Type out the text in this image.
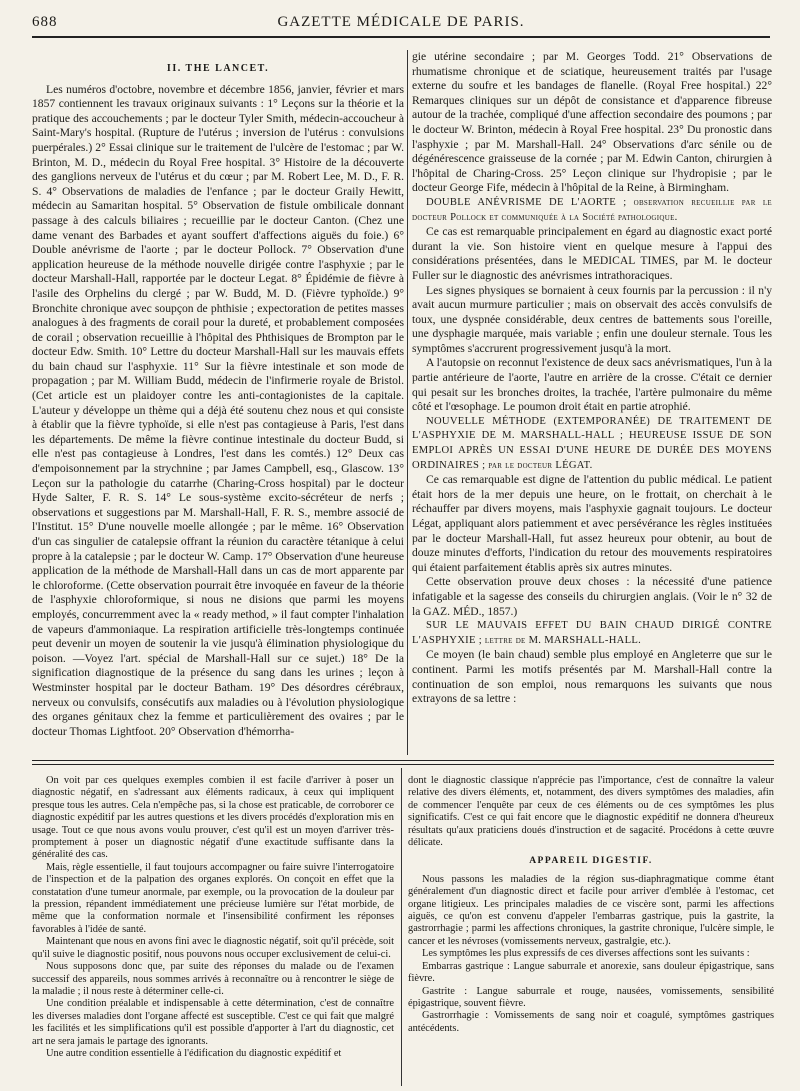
688	GAZETTE MÉDICALE DE PARIS.
II. THE LANCET.

Les numéros d'octobre, novembre et décembre 1856, janvier, février et mars 1857 contiennent les travaux originaux suivants : 1° Leçons sur la théorie et la pratique des accouchements ; par le docteur Tyler Smith, médecin-accoucheur à Saint-Mary's hospital. (Rupture de l'utérus ; inversion de l'utérus : convulsions puerpérales.) 2° Essai clinique sur le traitement de l'ulcère de l'estomac ; par W. Brinton, M. D., médecin du Royal Free hospital. 3° Histoire de la découverte des ganglions nerveux de l'utérus et du cœur ; par M. Robert Lee, M. D., F. R. S. 4° Observations de maladies de l'enfance ; par le docteur Graily Hewitt, médecin au Samaritan hospital. 5° Observation de fistule ombilicale donnant passage à des calculs biliaires ; recueillie par le docteur Canton. (Chez une dame venant des Barbades et ayant souffert d'affections aiguës du foie.) 6° Double anévrisme de l'aorte ; par le docteur Pollock. 7° Observation d'une application heureuse de la méthode nouvelle dirigée contre l'asphyxie ; par le docteur Marshall-Hall, rapportée par le docteur Legat. 8° Épidémie de fièvre à l'asile des Orphelins du clergé ; par W. Budd, M. D. (Fièvre typhoïde.) 9° Bronchite chronique avec soupçon de phthisie ; expectoration de petites masses analogues à des fragments de corail pour la dureté, et probablement composées de corail ; observation recueillie à l'hôpital des Phthisiques de Brompton par le docteur Edw. Smith. 10° Lettre du docteur Marshall-Hall sur les mauvais effets du bain chaud sur l'asphyxie. 11° Sur la fièvre intestinale et son mode de propagation ; par M. William Budd, médecin de l'infirmerie royale de Bristol. (Cet article est un plaidoyer contre les anti-contagionistes de la capitale. L'auteur y développe un thème qui a déjà été soutenu chez nous et qui consiste à établir que la fièvre typhoïde, si elle n'est pas contagieuse à Paris, l'est dans les départements. De même la fièvre continue intestinale du docteur Budd, si elle n'est pas contagieuse à Londres, l'est dans les comtés.) 12° Deux cas d'empoisonnement par la strychnine ; par James Campbell, esq., Glascow. 13° Leçon sur la pathologie du catarrhe (Charing-Cross hospital) par le docteur Hyde Salter, F. R. S. 14° Le sous-système excito-sécréteur de nerfs ; observations et suggestions par M. Marshall-Hall, F. R. S., membre associé de l'Institut. 15° D'une nouvelle moelle allongée ; par le même. 16° Observation d'un cas singulier de catalepsie offrant la réunion du caractère tétanique à celui propre à la catalepsie ; par le docteur W. Camp. 17° Observation d'une heureuse application de la méthode de Marshall-Hall dans un cas de mort apparente par le chloroforme. (Cette observation pourrait être invoquée en faveur de la théorie de l'asphyxie chloroformique, si nous ne disions que parmi les moyens employés, concurremment avec la « ready method, » il faut compter l'inhalation de vapeurs d'ammoniaque. La respiration artificielle très-longtemps continuée peut devenir un moyen de soutenir la vie jusqu'à élimination physiologique du poison. —Voyez l'art. spécial de Marshall-Hall sur ce sujet.) 18° De la signification diagnostique de la présence du sang dans les urines ; leçon à Westminster hospital par le docteur Batham. 19° Des désordres cérébraux, nerveux ou convulsifs, consécutifs aux maladies ou à l'évolution physiologique des organes génitaux chez la femme et particulièrement des ovaires ; par le docteur Thomas Lightfoot. 20° Observation d'hémorrha-

gie utérine secondaire ; par M. Georges Todd. 21° Observations de rhumatisme chronique et de sciatique, heureusement traités par l'usage externe du soufre et les bandages de flanelle. (Royal Free hospital.) 22° Remarques cliniques sur un dépôt de consistance et d'apparence fibreuse autour de la trachée, compliqué d'une affection secondaire des poumons ; par le docteur W. Brinton, médecin à Royal Free hospital. 23° Du pronostic dans l'asphyxie ; par M. Marshall-Hall. 24° Observations d'arc sénile ou de dégénérescence graisseuse de la cornée ; par M. Edwin Canton, chirurgien à l'hôpital de Charing-Cross. 25° Leçon clinique sur l'hydropisie ; par le docteur George Fife, médecin à l'hôpital de la Reine, à Birmingham.

DOUBLE ANÉVRISME DE L'AORTE ; observation recueillie par le docteur Pollock et communiquée à la Société pathologique.

Ce cas est remarquable principalement en égard au diagnostic exact porté durant la vie. Son histoire vient en quelque mesure à l'appui des considérations présentées, dans le MEDICAL TIMES, par M. le docteur Fuller sur le diagnostic des anévrismes intrathoraciques.

Les signes physiques se bornaient à ceux fournis par la percussion : il n'y avait aucun murmure particulier ; mais on observait des accès convulsifs de toux, une dyspnée considérable, deux centres de battements sous l'oreille, une dysphagie marquée, mais variable ; enfin une douleur sternale. Tous les symptômes s'accrurent progressivement jusqu'à la mort.

A l'autopsie on reconnut l'existence de deux sacs anévrismatiques, l'un à la partie antérieure de l'aorte, l'autre en arrière de la crosse. C'était ce dernier qui pesait sur les bronches droites, la trachée, l'artère pulmonaire du même côté et l'œsophage. Le poumon droit était en partie atrophié.

NOUVELLE MÉTHODE (EXTEMPORANÉE) DE TRAITEMENT DE L'ASPHYXIE DE M. MARSHALL-HALL ; HEUREUSE ISSUE DE SON EMPLOI APRÈS UN ESSAI D'UNE HEURE DE DURÉE DES MOYENS ORDINAIRES ; par le docteur LÉGAT.

Ce cas remarquable est digne de l'attention du public médical. Le patient était hors de la mer depuis une heure, on le frottait, on cherchait à le réchauffer par divers moyens, mais l'asphyxie gagnait toujours. Le docteur Légat, appliquant alors patiemment et avec persévérance les règles instituées par le docteur Marshall-Hall, fut assez heureux pour obtenir, au bout de douze minutes d'efforts, l'indication du retour des mouvements respiratoires qui étaient parfaitement établis après six autres minutes.

Cette observation prouve deux choses : la nécessité d'une patience infatigable et la sagesse des conseils du chirurgien anglais. (Voir le n° 32 de la GAZ. MÉD., 1857.)

SUR LE MAUVAIS EFFET DU BAIN CHAUD DIRIGÉ CONTRE L'ASPHYXIE ; lettre de M. MARSHALL-HALL.

Ce moyen (le bain chaud) semble plus employé en Angleterre que sur le continent. Parmi les motifs présentés par M. Marshall-Hall contre la continuation de son emploi, nous remarquons les suivants que nous extrayons de sa lettre :

On voit par ces quelques exemples combien il est facile d'arriver à poser un diagnostic négatif, en s'adressant aux éléments radicaux, à ceux qui impliquent presque tous les autres. Cela n'empêche pas, si la chose est praticable, de corroborer ce diagnostic expéditif par les autres questions et les divers procédés d'exploration mis en usage. Tout ce que nous avons voulu prouver, c'est qu'il est un moyen d'arriver très-promptement à poser un diagnostic négatif d'une exactitude suffisante dans la généralité des cas.

Mais, règle essentielle, il faut toujours accompagner ou faire suivre l'interrogatoire de l'inspection et de la palpation des organes explorés. On conçoit en effet que la constatation d'une tumeur anormale, par exemple, ou la provocation de la douleur par la pression, répandent immédiatement une précieuse lumière sur l'état morbide, de même que la conformation normale et l'insensibilité confirment les réponses favorables à l'idée de santé.

Maintenant que nous en avons fini avec le diagnostic négatif, soit qu'il précède, soit qu'il suive le diagnostic positif, nous pouvons nous occuper exclusivement de celui-ci.

Nous supposons donc que, par suite des réponses du malade ou de l'examen successif des appareils, nous sommes arrivés à reconnaître ou à rencontrer le siège de la maladie ; il nous reste à déterminer celle-ci.

Une condition préalable et indispensable à cette détermination, c'est de connaître les diverses maladies dont l'organe affecté est susceptible. C'est ce qui fait que malgré les facilités et les simplifications qu'il est possible d'apporter à l'art du diagnostic, cet art ne sera jamais le partage des ignorants.

Une autre condition essentielle à l'édification du diagnostic expéditif et

dont le diagnostic classique n'apprécie pas l'importance, c'est de connaître la valeur relative des divers éléments, et, notamment, des divers symptômes des maladies, afin de commencer l'enquête par ceux de ces éléments ou de ces symptômes les plus significatifs. C'est ce qui fait encore que le diagnostic expéditif ne donnera d'heureux résultats qu'aux praticiens doués d'instruction et de sagacité. Procédons à cette œuvre délicate.

APPAREIL DIGESTIF.

Nous passons les maladies de la région sus-diaphragmatique comme étant généralement d'un diagnostic direct et facile pour arriver d'emblée à l'estomac, cet organe litigieux. Les principales maladies de ce viscère sont, parmi les affections aiguës, ce qu'on est convenu d'appeler l'embarras gastrique, puis la gastrite, la gastrorrhagie ; parmi les affections chroniques, la gastrite chronique, l'ulcère simple, le cancer et les névroses (vomissements nerveux, gastralgie, etc.).

Les symptômes les plus expressifs de ces diverses affections sont les suivants :

Embarras gastrique : Langue saburrale et anorexie, sans douleur épigastrique, sans fièvre.

Gastrite : Langue saburrale et rouge, nausées, vomissements, sensibilité épigastrique, souvent fièvre.

Gastrorrhagie : Vomissements de sang noir et coagulé, symptômes gastriques antécédents.
